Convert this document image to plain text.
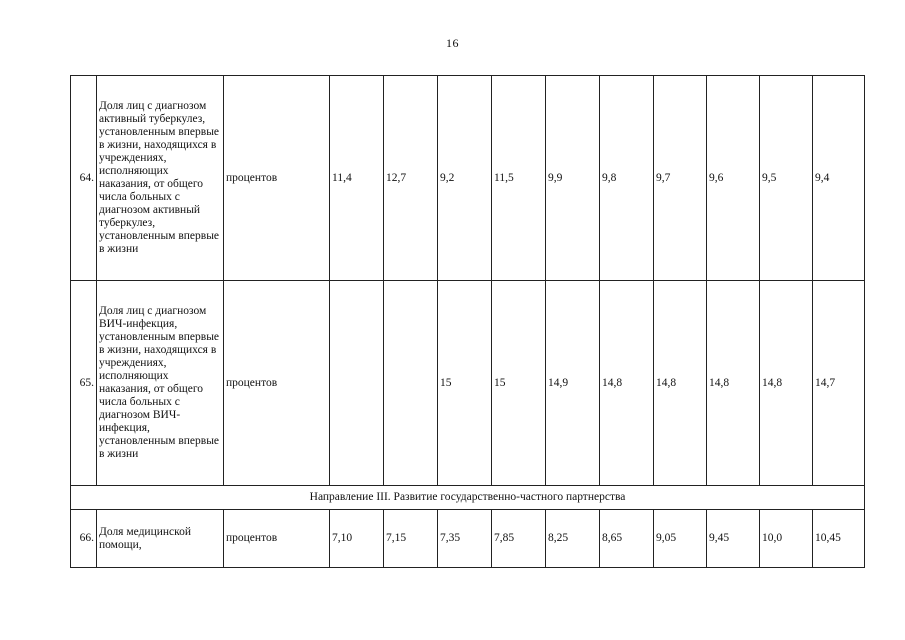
16
64.	Доля лиц с диагнозом активный туберкулез, установленным впервые в жизни, находящихся в учреждениях, исполняющих наказания, от общего числа больных с диагнозом активный туберкулез, установленным впервые в жизни	процентов	11,4	12,7	9,2	11,5	9,9	9,8	9,7	9,6	9,5	9,4
65.	Доля лиц с диагнозом ВИЧ-инфекция, установленным впервые в жизни, находящихся в учреждениях, исполняющих наказания, от общего числа больных с диагнозом ВИЧ-инфекция, установленным впервые в жизни	процентов			15	15	14,9	14,8	14,8	14,8	14,8	14,7
Направление III. Развитие государственно-частного партнерства												
66.	Доля медицинской помощи,	процентов	7,10	7,15	7,35	7,85	8,25	8,65	9,05	9,45	10,0	10,45
